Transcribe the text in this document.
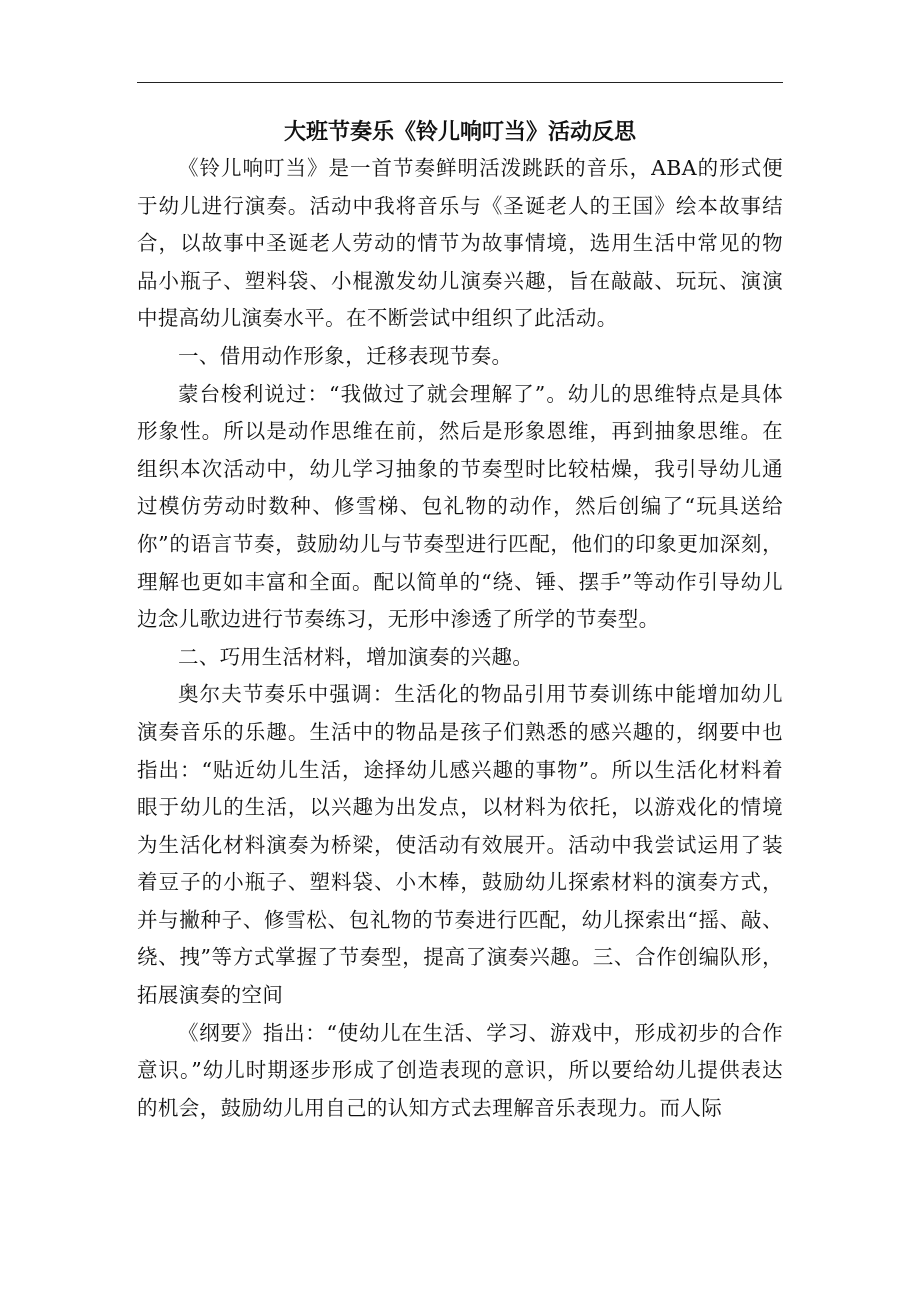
大班节奏乐《铃儿响叮当》活动反思

《铃儿响叮当》是一首节奏鲜明活泼跳跃的音乐，ABA的形式便于幼儿进行演奏。活动中我将音乐与《圣诞老人的王国》绘本故事结合，以故事中圣诞老人劳动的情节为故事情境，选用生活中常见的物品小瓶子、塑料袋、小棍激发幼儿演奏兴趣，旨在敲敲、玩玩、演演中提高幼儿演奏水平。在不断尝试中组织了此活动。

一、借用动作形象，迁移表现节奏。

蒙台梭利说过：“我做过了就会理解了”。幼儿的思维特点是具体形象性。所以是动作思维在前，然后是形象恩维，再到抽象思维。在组织本次活动中，幼儿学习抽象的节奏型时比较枯燥，我引导幼儿通过模仿劳动时数种、修雪梯、包礼物的动作，然后创编了“玩具送给你”的语言节奏，鼓励幼儿与节奏型进行匹配，他们的印象更加深刻，理解也更如丰富和全面。配以简单的“绕、锤、摆手”等动作引导幼儿边念儿歌边进行节奏练习，无形中渗透了所学的节奏型。

二、巧用生活材料，增加演奏的兴趣。

奥尔夫节奏乐中强调：生活化的物品引用节奏训练中能增加幼儿演奏音乐的乐趣。生活中的物品是孩子们熟悉的感兴趣的，纲要中也指出：“贴近幼儿生活，途择幼儿感兴趣的事物”。所以生活化材料着眼于幼儿的生活，以兴趣为出发点，以材料为依托，以游戏化的情境为生活化材料演奏为桥梁，使活动有效展开。活动中我尝试运用了装着豆子的小瓶子、塑料袋、小木棒，鼓励幼儿探索材料的演奏方式，并与撇种子、修雪松、包礼物的节奏进行匹配，幼儿探索出“摇、敲、绕、拽”等方式掌握了节奏型，提高了演奏兴趣。三、合作创编队形，拓展演奏的空间

《纲要》指出：“使幼儿在生活、学习、游戏中，形成初步的合作意识。”幼儿时期逐步形成了创造表现的意识，所以要给幼儿提供表达的机会，鼓励幼儿用自己的认知方式去理解音乐表现力。而人际
